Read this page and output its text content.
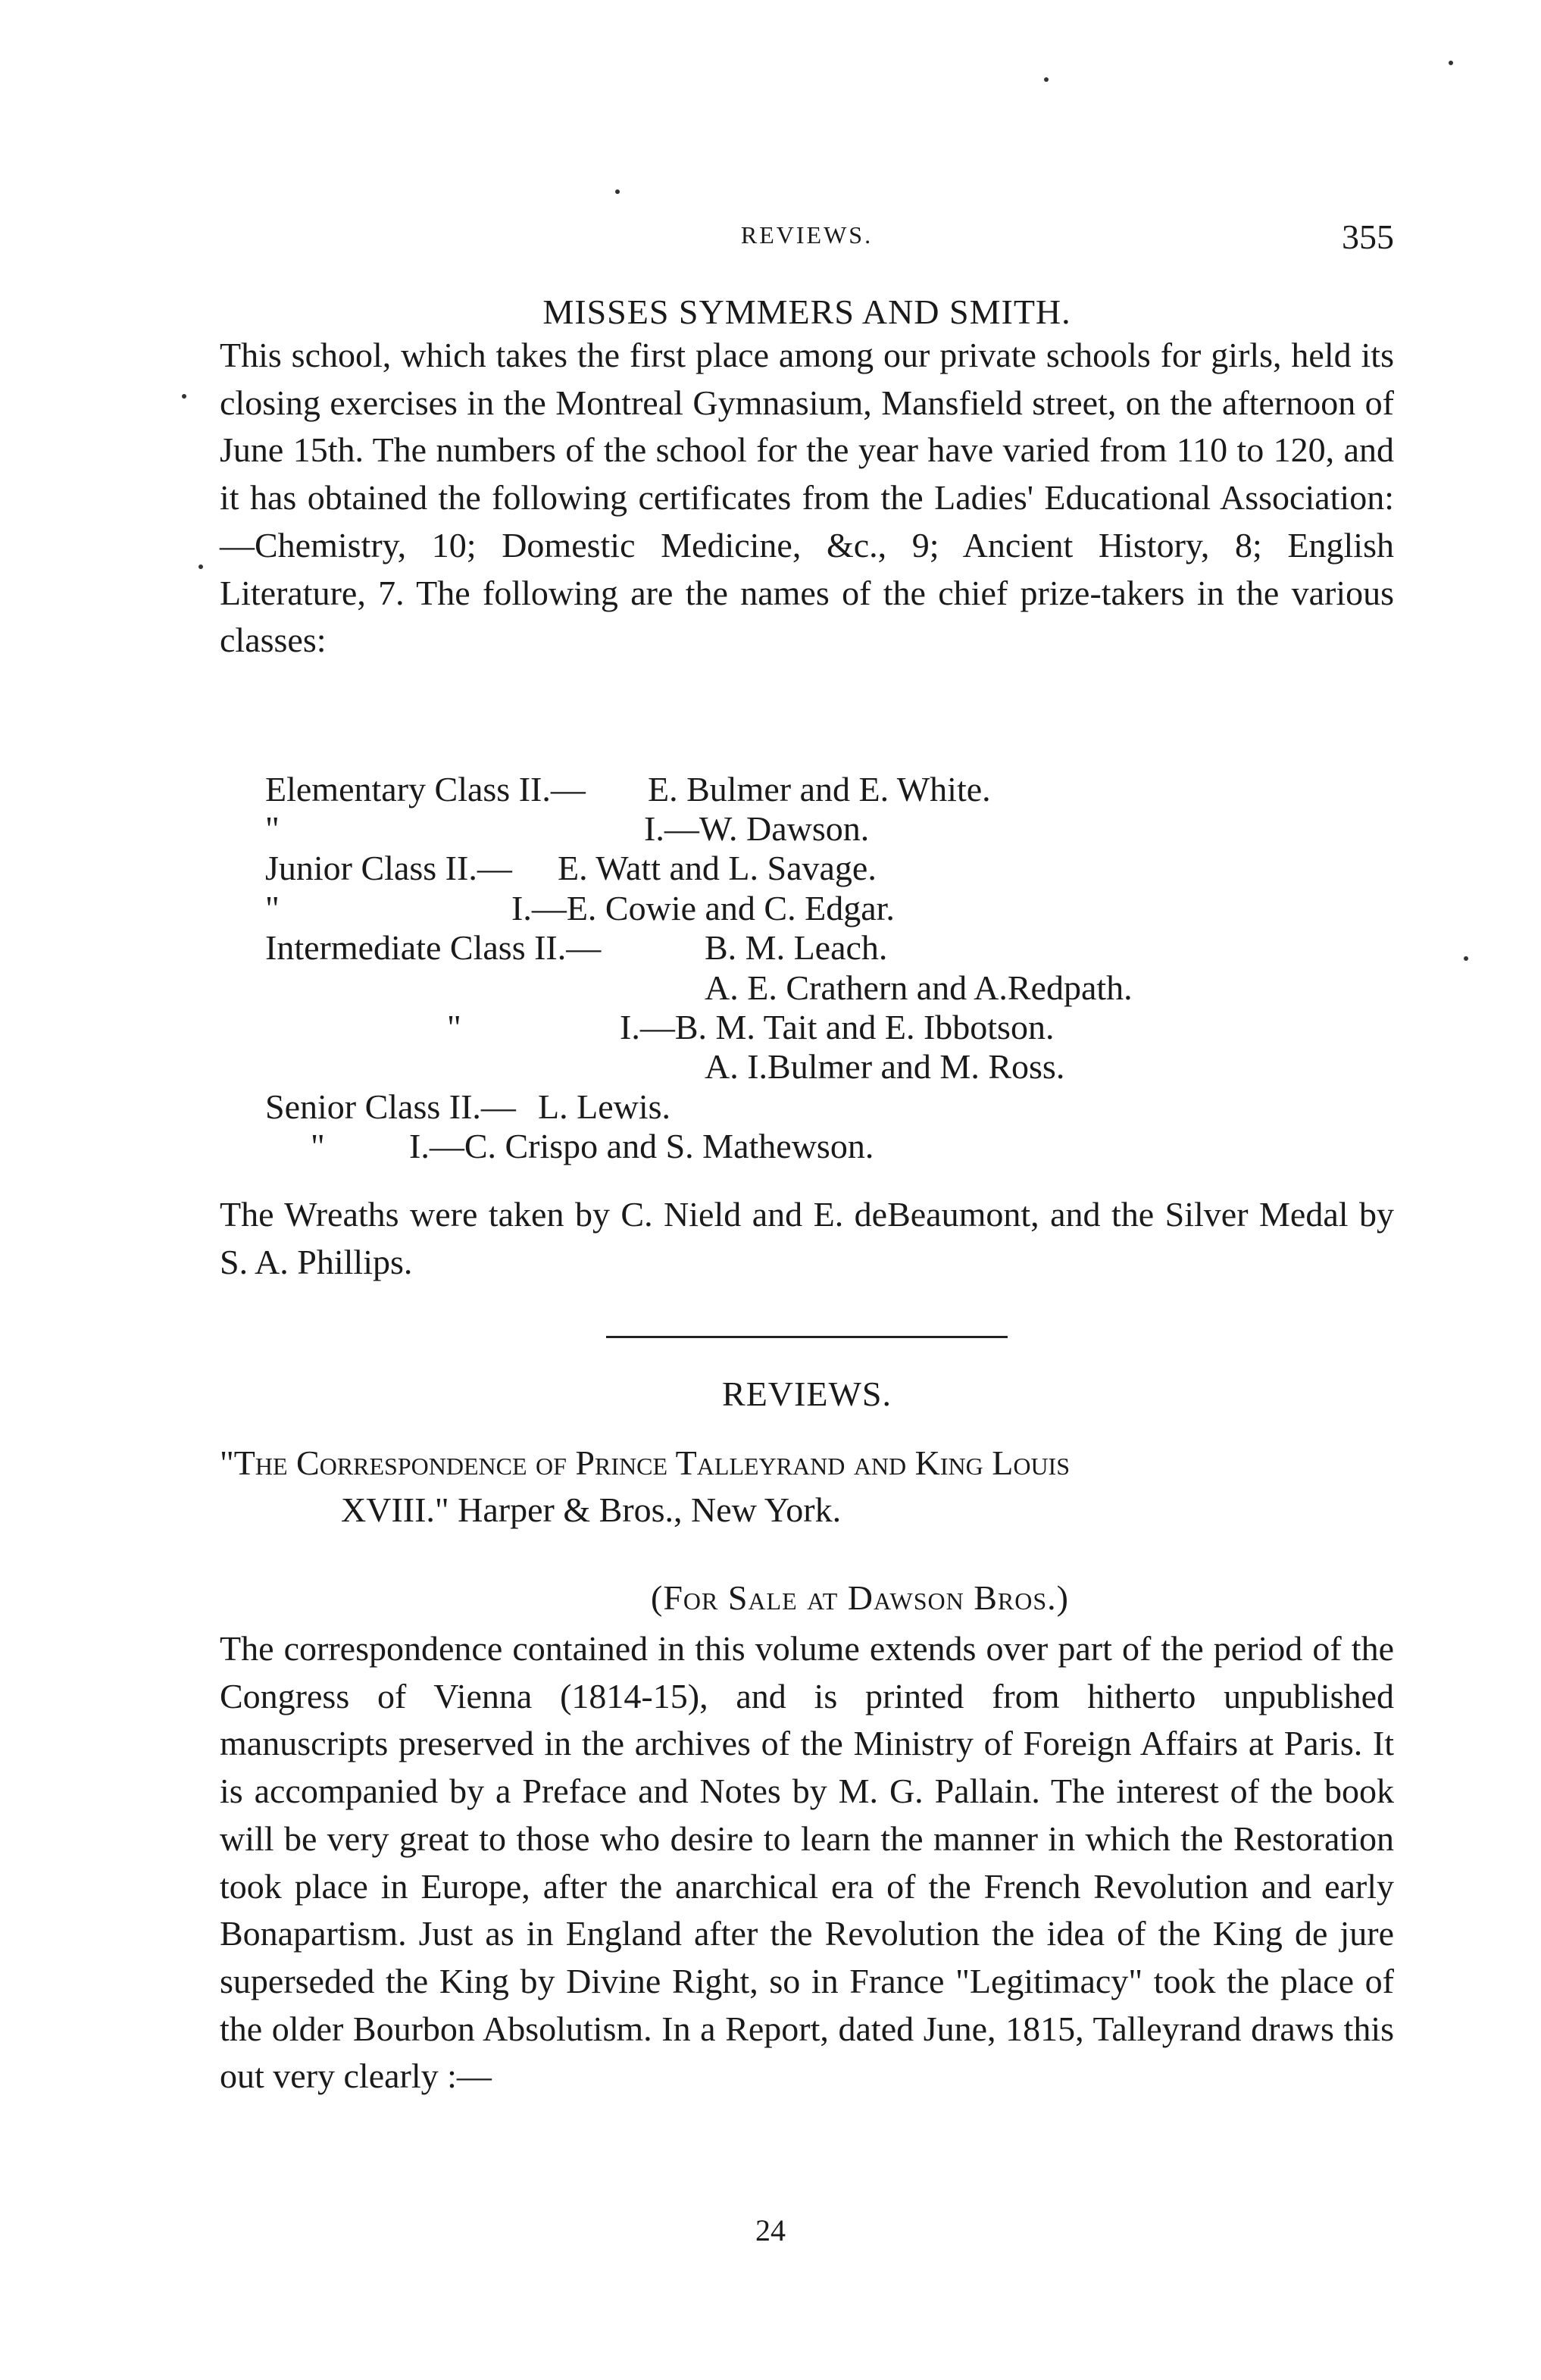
REVIEWS.	355
MISSES SYMMERS AND SMITH.

This school, which takes the first place among our private schools for girls, held its closing exercises in the Montreal Gymnasium, Mansfield street, on the afternoon of June 15th. The numbers of the school for the year have varied from 110 to 120, and it has obtained the following certificates from the Ladies' Educational Association:—Chemistry, 10; Domestic Medicine, &c., 9; Ancient History, 8; English Literature, 7. The following are the names of the chief prize-takers in the various classes:

Elementary Class II.— E. Bulmer and E. White.
"	I.—W. Dawson.
Junior Class II.— E. Watt and L. Savage.
"	I.—E. Cowie and C. Edgar.
Intermediate Class II.—	B. M. Leach.
A. E. Crathern and A.Redpath.
"	I.—B. M. Tait and E. Ibbotson.
A. I.Bulmer and M. Ross.
Senior Class II.— L. Lewis.
" I.—C. Crispo and S. Mathewson.

The Wreaths were taken by C. Nield and E. deBeaumont, and the Silver Medal by S. A. Phillips.

REVIEWS.
"The Correspondence of Prince Talleyrand and King Louis
XVIII." Harper & Bros., New York.
(For Sale at Dawson Bros.)

The correspondence contained in this volume extends over part of the period of the Congress of Vienna (1814-15), and is printed from hitherto unpublished manuscripts preserved in the archives of the Ministry of Foreign Affairs at Paris. It is accompanied by a Preface and Notes by M. G. Pallain. The interest of the book will be very great to those who desire to learn the manner in which the Restoration took place in Europe, after the anarchical era of the French Revolution and early Bonapartism. Just as in England after the Revolution the idea of the King de jure superseded the King by Divine Right, so in France "Legitimacy" took the place of the older Bourbon Absolutism. In a Report, dated June, 1815, Talleyrand draws this out very clearly :—

24
